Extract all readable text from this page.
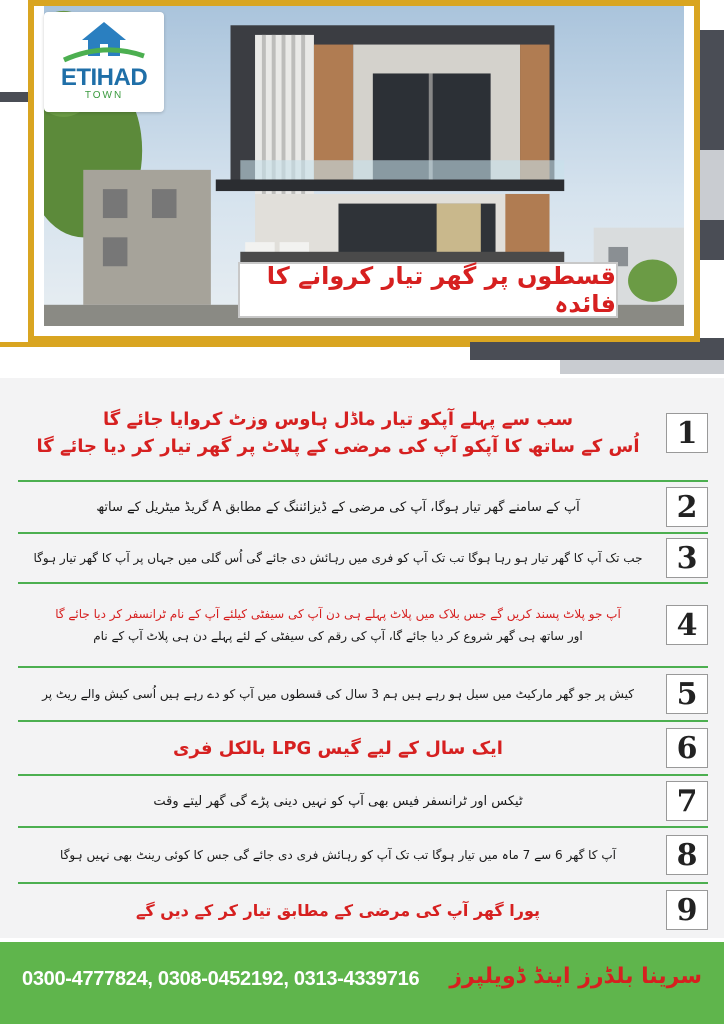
ETIHAD
TOWN
قسطوں پر گھر تیار کروانے کا فائدہ
سب سے پہلے آپکو تیار ماڈل ہاوس وزٹ کروایا جائے گا
اُس کے ساتھ کا آپکو آپ کی مرضی کے پلاٹ پر گھر تیار کر دیا جائے گا	1
آپ کے سامنے گھر تیار ہوگا، آپ کی مرضی کے ڈیزائننگ کے مطابق A گریڈ میٹریل کے ساتھ	2
جب تک آپ کا گھر تیار ہو رہا ہوگا تب تک آپ کو فری میں رہائش دی جائے گی اُس گلی میں جہاں پر آپ کا گھر تیار ہوگا	3
آپ جو پلاٹ پسند کریں گے جس بلاک میں پلاٹ پہلے ہی دن آپ کی سیفٹی کیلئے آپ کے نام ٹرانسفر کر دیا جائے گا
اور ساتھ ہی گھر شروع کر دیا جائے گا، آپ کی رقم کی سیفٹی کے لئے پہلے دن ہی پلاٹ آپ کے نام	4
کیش پر جو گھر مارکیٹ میں سیل ہو رہے ہیں ہم 3 سال کی قسطوں میں آپ کو دے رہے ہیں اُسی کیش والے ریٹ پر	5
ایک سال کے لیے گیس LPG بالکل فری	6
ٹیکس اور ٹرانسفر فیس بھی آپ کو نہیں دینی پڑے گی گھر لیتے وقت	7
آپ کا گھر 6 سے 7 ماہ میں تیار ہوگا تب تک آپ کو رہائش فری دی جائے گی جس کا کوئی رینٹ بھی نہیں ہوگا	8
پورا گھر آپ کی مرضی کے مطابق تیار کر کے دیں گے	9
0300-4777824, 0308-0452192, 0313-4339716 سرینا بلڈرز اینڈ ڈویلپرز
